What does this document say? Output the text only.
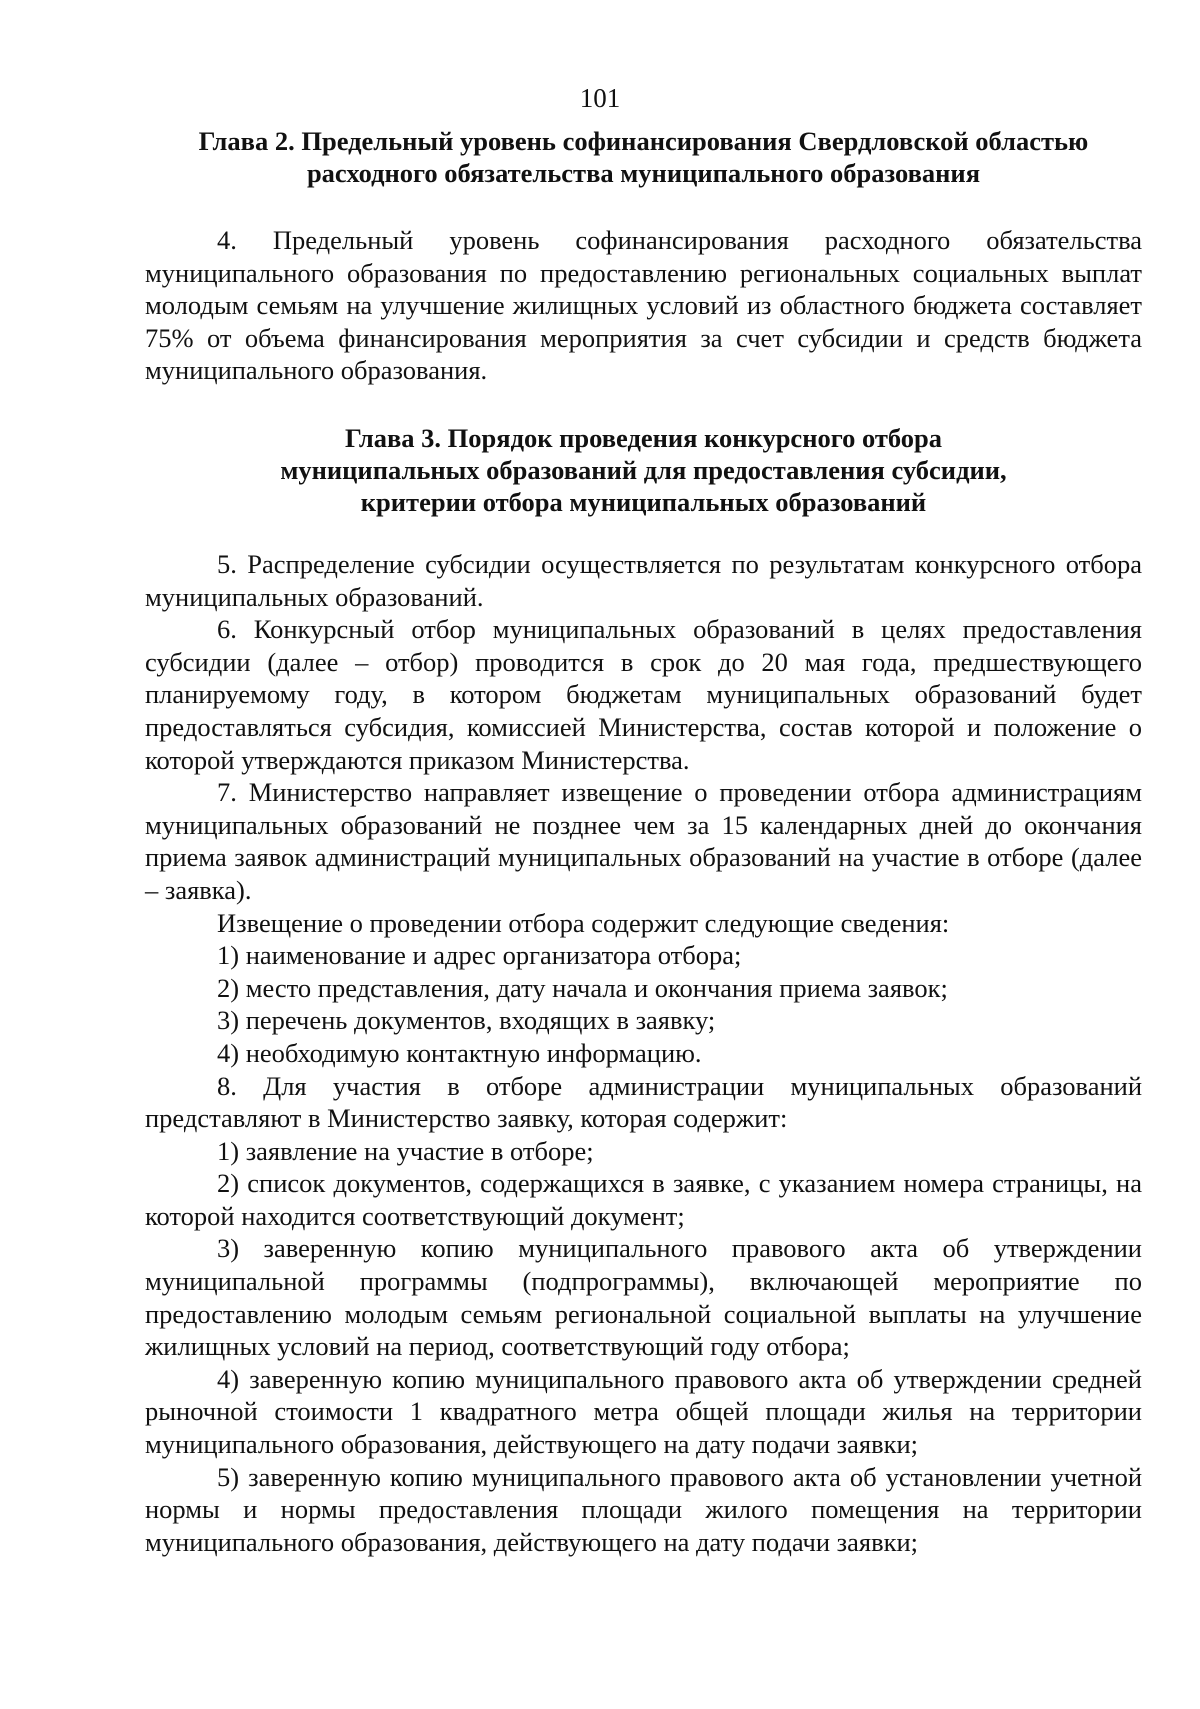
101
Глава 2. Предельный уровень софинансирования Свердловской областью
расходного обязательства муниципального образования

4. Предельный уровень софинансирования расходного обязательства муниципального образования по предоставлению региональных социальных выплат молодым семьям на улучшение жилищных условий из областного бюджета составляет 75% от объема финансирования мероприятия за счет субсидии и средств бюджета муниципального образования.

Глава 3. Порядок проведения конкурсного отбора
муниципальных образований для предоставления субсидии,
критерии отбора муниципальных образований

5. Распределение субсидии осуществляется по результатам конкурсного отбора муниципальных образований.

6. Конкурсный отбор муниципальных образований в целях предоставления субсидии (далее – отбор) проводится в срок до 20 мая года, предшествующего планируемому году, в котором бюджетам муниципальных образований будет предоставляться субсидия, комиссией Министерства, состав которой и положение о которой утверждаются приказом Министерства.

7. Министерство направляет извещение о проведении отбора администрациям муниципальных образований не позднее чем за 15 календарных дней до окончания приема заявок администраций муниципальных образований на участие в отборе (далее – заявка).

Извещение о проведении отбора содержит следующие сведения:

1) наименование и адрес организатора отбора;

2) место представления, дату начала и окончания приема заявок;

3) перечень документов, входящих в заявку;

4) необходимую контактную информацию.

8. Для участия в отборе администрации муниципальных образований представляют в Министерство заявку, которая содержит:

1) заявление на участие в отборе;

2) список документов, содержащихся в заявке, с указанием номера страницы, на которой находится соответствующий документ;

3) заверенную копию муниципального правового акта об утверждении муниципальной программы (подпрограммы), включающей мероприятие по предоставлению молодым семьям региональной социальной выплаты на улучшение жилищных условий на период, соответствующий году отбора;

4) заверенную копию муниципального правового акта об утверждении средней рыночной стоимости 1 квадратного метра общей площади жилья на территории муниципального образования, действующего на дату подачи заявки;

5) заверенную копию муниципального правового акта об установлении учетной нормы и нормы предоставления площади жилого помещения на территории муниципального образования, действующего на дату подачи заявки;
